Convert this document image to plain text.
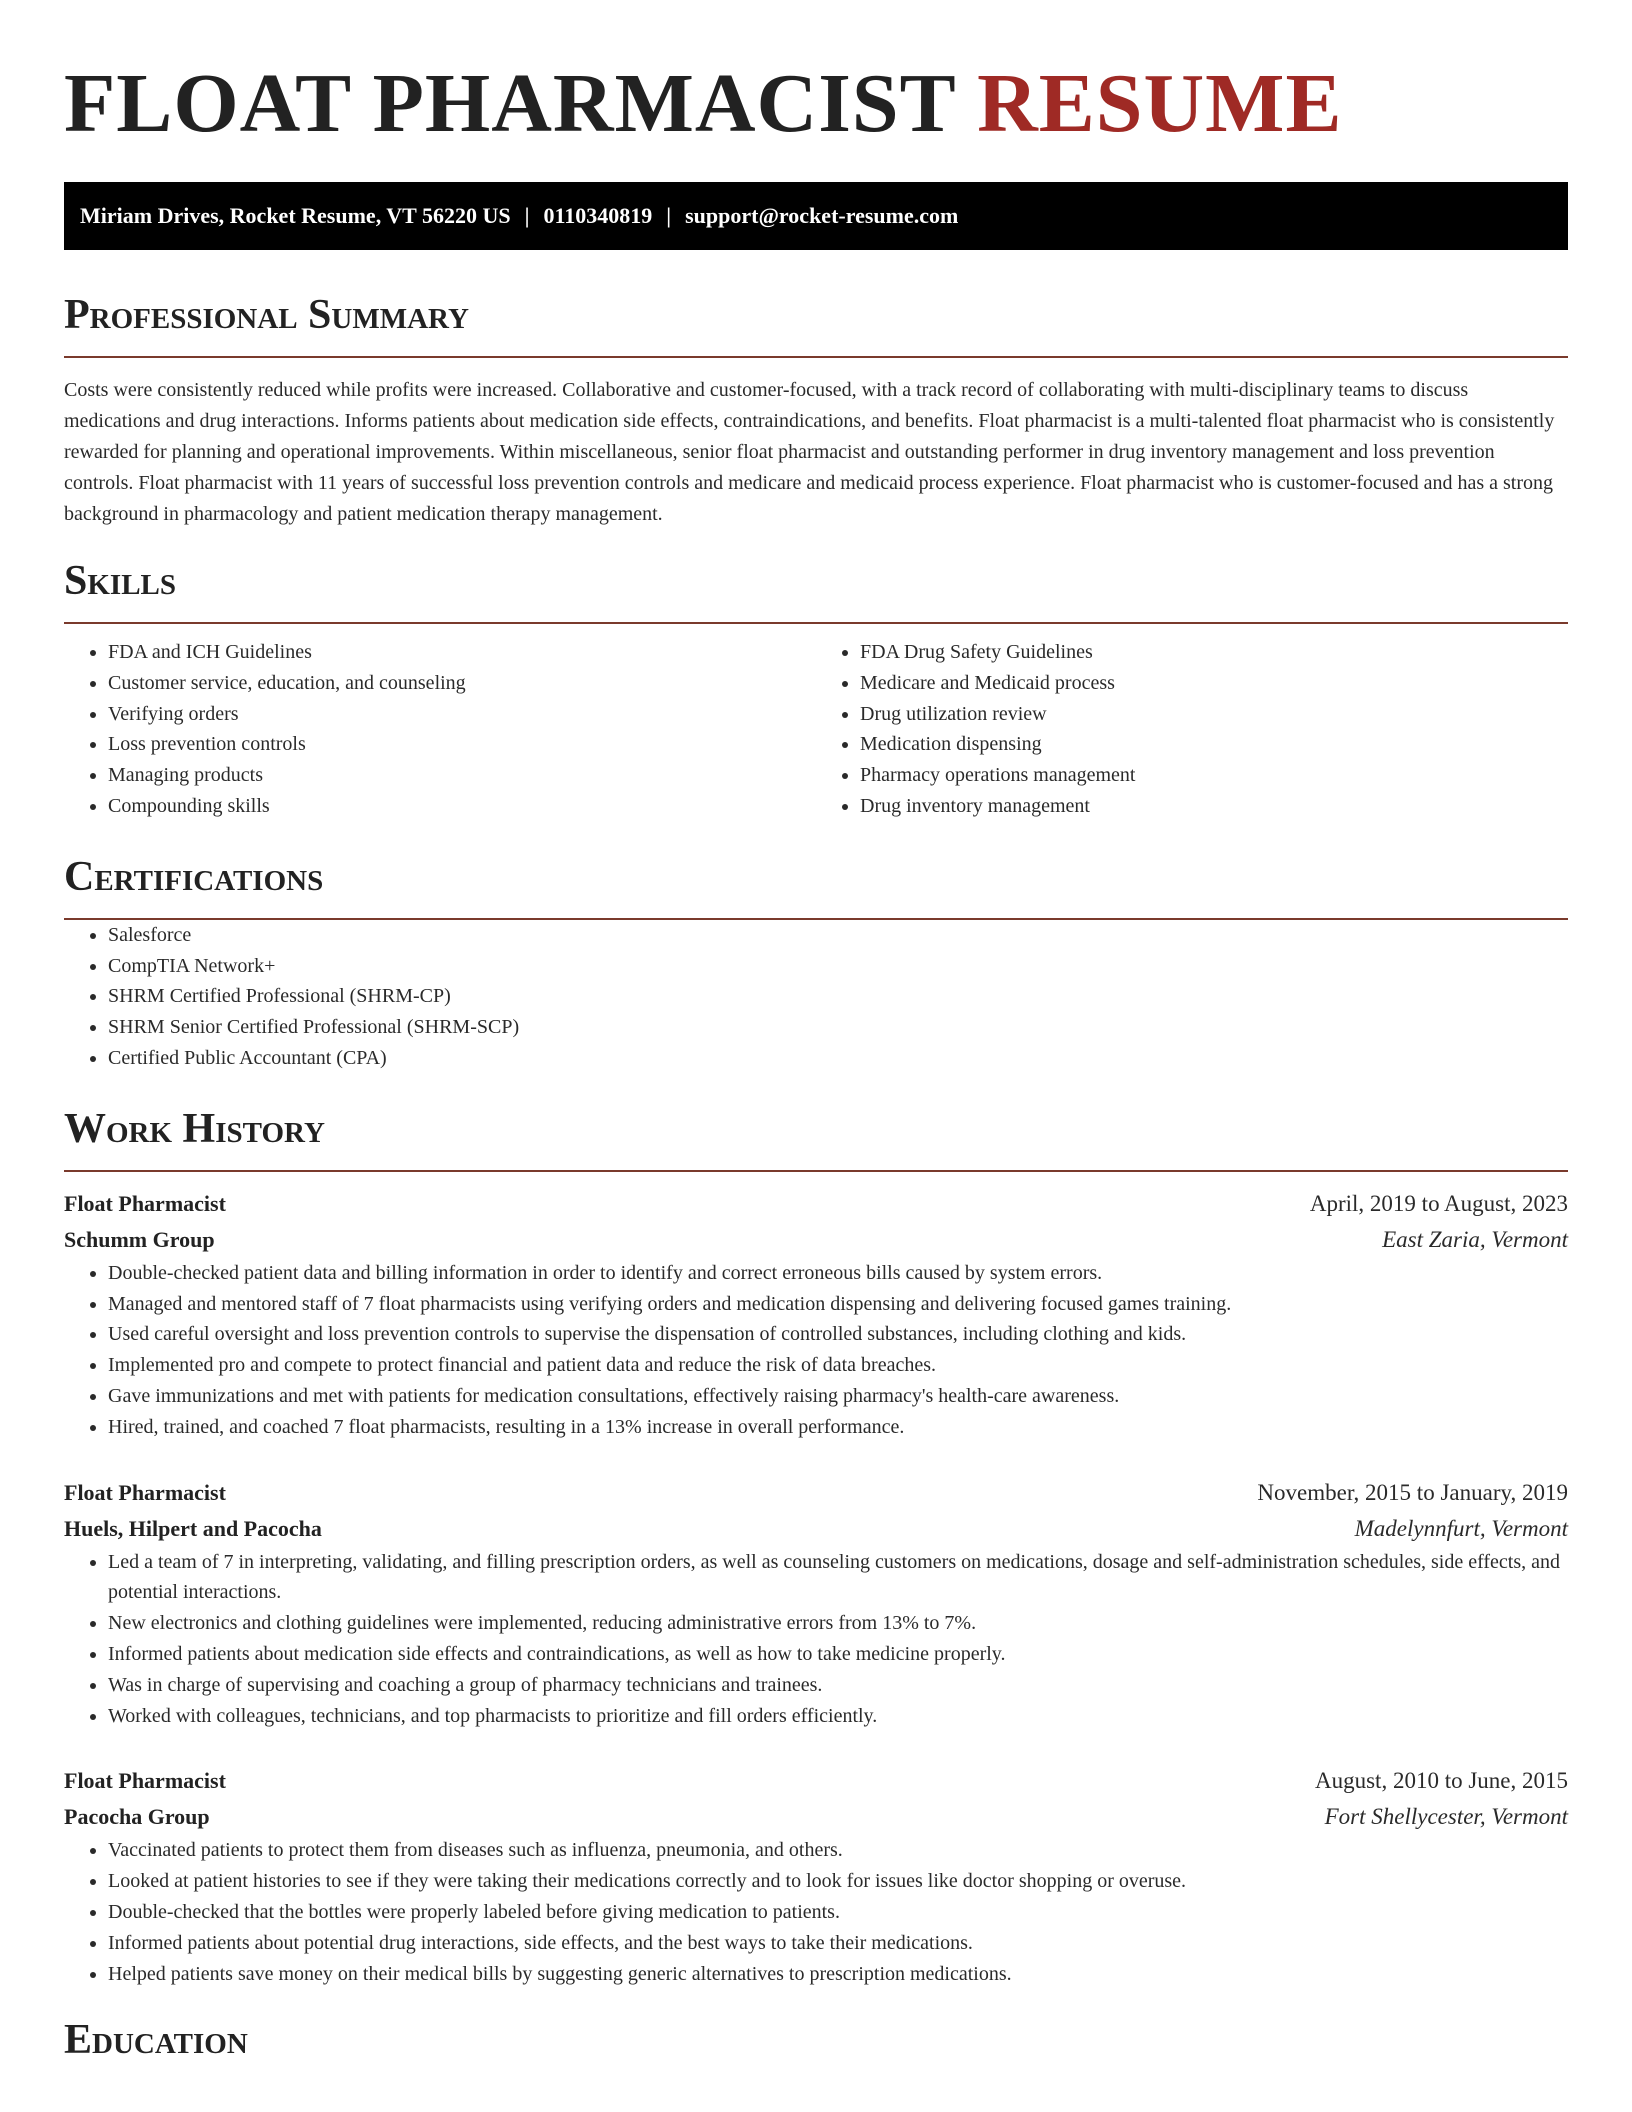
FLOAT PHARMACIST RESUME
Miriam Drives, Rocket Resume, VT 56220 US | 0110340819 | support@rocket-resume.com
Professional Summary

Costs were consistently reduced while profits were increased. Collaborative and customer-focused, with a track record of collaborating with multi-disciplinary teams to discuss medications and drug interactions. Informs patients about medication side effects, contraindications, and benefits. Float pharmacist is a multi-talented float pharmacist who is consistently rewarded for planning and operational improvements. Within miscellaneous, senior float pharmacist and outstanding performer in drug inventory management and loss prevention controls. Float pharmacist with 11 years of successful loss prevention controls and medicare and medicaid process experience. Float pharmacist who is customer-focused and has a strong background in pharmacology and patient medication therapy management.

Skills
• FDA and ICH Guidelines
• Customer service, education, and counseling
• Verifying orders
• Loss prevention controls
• Managing products
• Compounding skills
• FDA Drug Safety Guidelines
• Medicare and Medicaid process
• Drug utilization review
• Medication dispensing
• Pharmacy operations management
• Drug inventory management
Certifications
• Salesforce
• CompTIA Network+
• SHRM Certified Professional (SHRM-CP)
• SHRM Senior Certified Professional (SHRM-SCP)
• Certified Public Accountant (CPA)
Work History
Float Pharmacist	April, 2019 to August, 2023
Schumm Group	East Zaria, Vermont
• Double-checked patient data and billing information in order to identify and correct erroneous bills caused by system errors.
• Managed and mentored staff of 7 float pharmacists using verifying orders and medication dispensing and delivering focused games training.
• Used careful oversight and loss prevention controls to supervise the dispensation of controlled substances, including clothing and kids.
• Implemented pro and compete to protect financial and patient data and reduce the risk of data breaches.
• Gave immunizations and met with patients for medication consultations, effectively raising pharmacy's health-care awareness.
• Hired, trained, and coached 7 float pharmacists, resulting in a 13% increase in overall performance.
Float Pharmacist	November, 2015 to January, 2019
Huels, Hilpert and Pacocha	Madelynnfurt, Vermont
• Led a team of 7 in interpreting, validating, and filling prescription orders, as well as counseling customers on medications, dosage and self-administration schedules, side effects, and potential interactions.
• New electronics and clothing guidelines were implemented, reducing administrative errors from 13% to 7%.
• Informed patients about medication side effects and contraindications, as well as how to take medicine properly.
• Was in charge of supervising and coaching a group of pharmacy technicians and trainees.
• Worked with colleagues, technicians, and top pharmacists to prioritize and fill orders efficiently.
Float Pharmacist	August, 2010 to June, 2015
Pacocha Group	Fort Shellycester, Vermont
• Vaccinated patients to protect them from diseases such as influenza, pneumonia, and others.
• Looked at patient histories to see if they were taking their medications correctly and to look for issues like doctor shopping or overuse.
• Double-checked that the bottles were properly labeled before giving medication to patients.
• Informed patients about potential drug interactions, side effects, and the best ways to take their medications.
• Helped patients save money on their medical bills by suggesting generic alternatives to prescription medications.
Education
